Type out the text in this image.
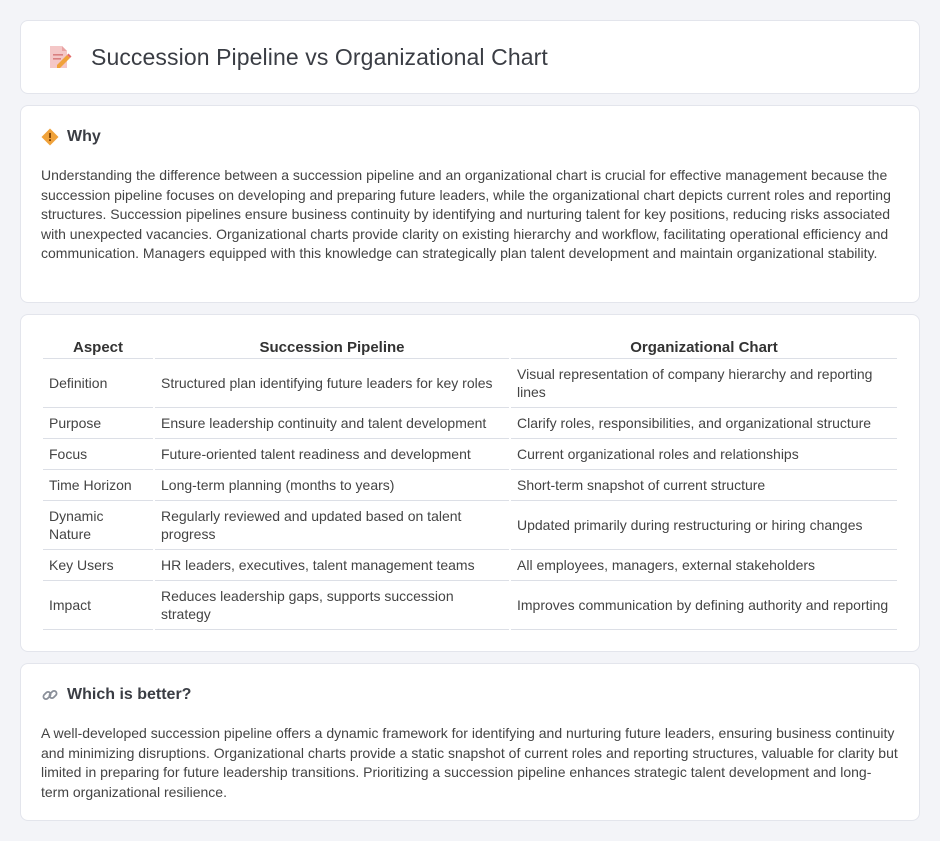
Succession Pipeline vs Organizational Chart
Why

Understanding the difference between a succession pipeline and an organizational chart is crucial for effective management because the succession pipeline focuses on developing and preparing future leaders, while the organizational chart depicts current roles and reporting structures. Succession pipelines ensure business continuity by identifying and nurturing talent for key positions, reducing risks associated with unexpected vacancies. Organizational charts provide clarity on existing hierarchy and workflow, facilitating operational efficiency and communication. Managers equipped with this knowledge can strategically plan talent development and maintain organizational stability.

Aspect	Succession Pipeline	Organizational Chart
Definition	Structured plan identifying future leaders for key roles	Visual representation of company hierarchy and reporting lines
Purpose	Ensure leadership continuity and talent development	Clarify roles, responsibilities, and organizational structure
Focus	Future-oriented talent readiness and development	Current organizational roles and relationships
Time Horizon	Long-term planning (months to years)	Short-term snapshot of current structure
Dynamic Nature	Regularly reviewed and updated based on talent progress	Updated primarily during restructuring or hiring changes
Key Users	HR leaders, executives, talent management teams	All employees, managers, external stakeholders
Impact	Reduces leadership gaps, supports succession strategy	Improves communication by defining authority and reporting
Which is better?

A well-developed succession pipeline offers a dynamic framework for identifying and nurturing future leaders, ensuring business continuity and minimizing disruptions. Organizational charts provide a static snapshot of current roles and reporting structures, valuable for clarity but limited in preparing for future leadership transitions. Prioritizing a succession pipeline enhances strategic talent development and long-term organizational resilience.
